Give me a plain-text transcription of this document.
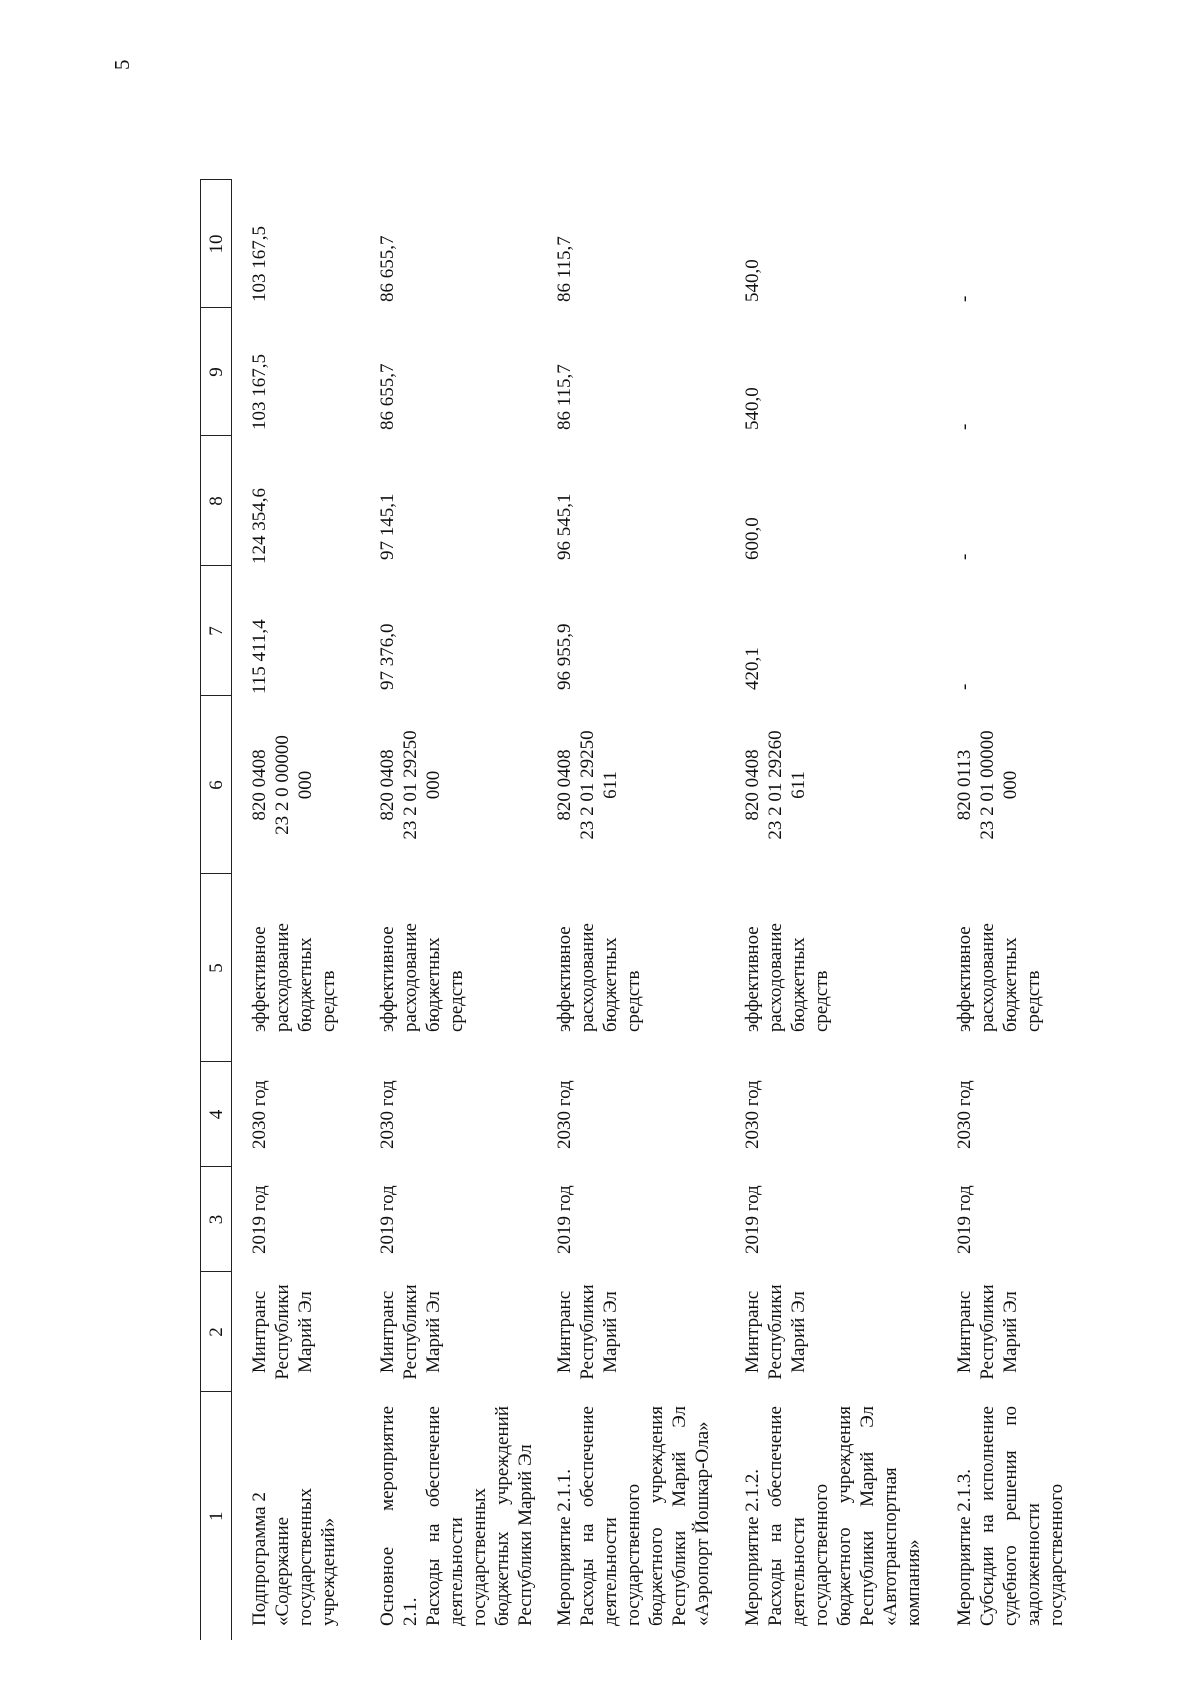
5
1	2	3	4	5	6	7	8	9	10
Подпрограмма 2
«Содержание государственных учреждений»	Минтранс Республики Марий Эл	2019 год	2030 год	эффективное расходование бюджетных средств	820 0408
23 2 0 00000
000	115 411,4	124 354,6	103 167,5	103 167,5
Основное мероприятие 2.1.
Расходы на обеспечение деятельности государственных бюджетных учреждений Республики Марий Эл	Минтранс Республики Марий Эл	2019 год	2030 год	эффективное расходование бюджетных средств	820 0408
23 2 01 29250
000	97 376,0	97 145,1	86 655,7	86 655,7
Мероприятие 2.1.1.
Расходы на обеспечение деятельности государственного бюджетного учреждения Республики Марий Эл «Аэропорт Йошкар-Ола»	Минтранс Республики Марий Эл	2019 год	2030 год	эффективное расходование бюджетных средств	820 0408
23 2 01 29250
611	96 955,9	96 545,1	86 115,7	86 115,7
Мероприятие 2.1.2.
Расходы на обеспечение деятельности государственного бюджетного учреждения Республики Марий Эл «Автотранспортная компания»	Минтранс Республики Марий Эл	2019 год	2030 год	эффективное расходование бюджетных средств	820 0408
23 2 01 29260
611	420,1	600,0	540,0	540,0
Мероприятие 2.1.3.
Субсидии на исполнение судебного решения по задолженности государственного	Минтранс Республики Марий Эл	2019 год	2030 год	эффективное расходование бюджетных средств	820 0113
23 2 01 00000
000	-	-	-	-
